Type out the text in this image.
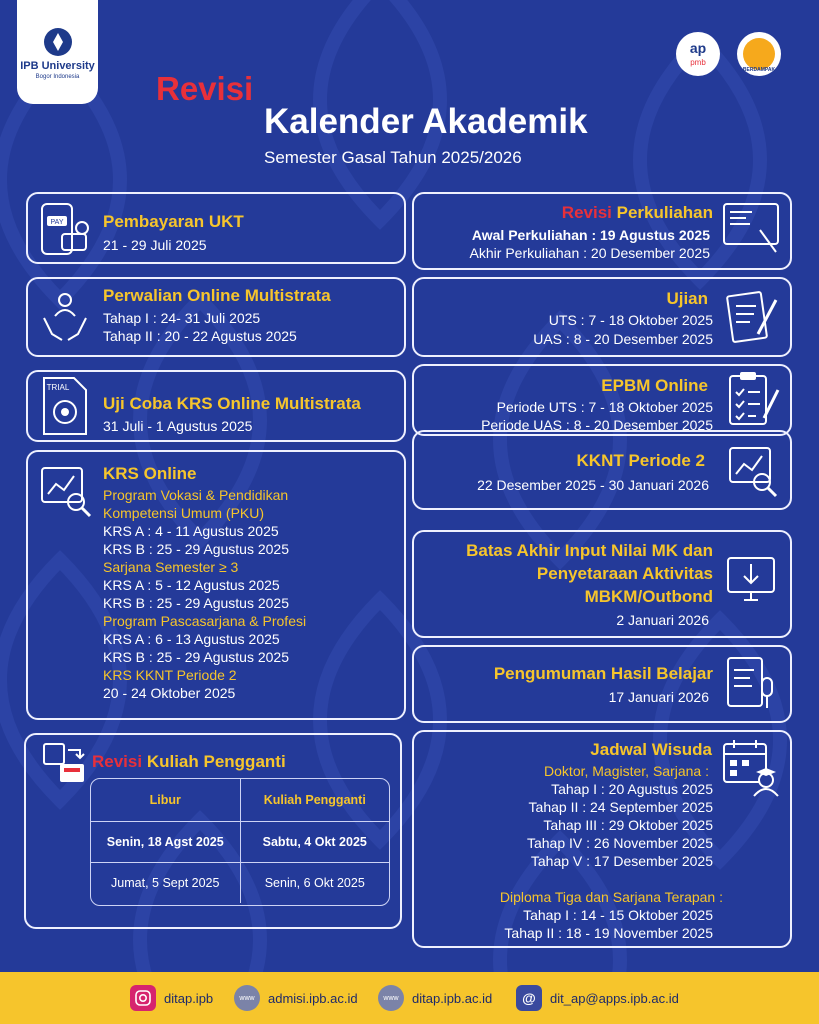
IPB University
Bogor Indonesia
ap
pmb
BERDAMPAK
Revisi
Kalender Akademik
Semester Gasal Tahun 2025/2026
PAY Pembayaran UKT
21 - 29 Juli 2025
Perwalian Online Multistrata
Tahap I : 24- 31 Juli 2025
Tahap II : 20 - 22 Agustus 2025
TRIAL
Uji Coba KRS Online Multistrata
31 Juli - 1 Agustus 2025
KRS Online
Program Vokasi & Pendidikan
Kompetensi Umum (PKU)
KRS A : 4 - 11 Agustus 2025
KRS B : 25 - 29 Agustus 2025
Sarjana Semester ≥ 3
KRS A : 5 - 12 Agustus 2025
KRS B : 25 - 29 Agustus 2025
Program Pascasarjana & Profesi
KRS A : 6 - 13 Agustus 2025
KRS B : 25 - 29 Agustus 2025
KRS KKNT Periode 2
20 - 24 Oktober 2025
Revisi Kuliah Pengganti
Libur	Kuliah Pengganti
Senin, 18 Agst 2025	Sabtu, 4 Okt 2025
Jumat, 5 Sept 2025	Senin, 6 Okt 2025
Revisi Perkuliahan
Awal Perkuliahan : 19 Agustus 2025
Akhir Perkuliahan : 20 Desember 2025
Ujian
UTS : 7 - 18 Oktober 2025
UAS : 8 - 20 Desember 2025
EPBM Online
Periode UTS : 7 - 18 Oktober 2025
Periode UAS : 8 - 20 Desember 2025
KKNT Periode 2
22 Desember 2025 - 30 Januari 2026
Batas Akhir Input Nilai MK dan
Penyetaraan Aktivitas
MBKM/Outbond
2 Januari 2026
Pengumuman Hasil Belajar
17 Januari 2026
Jadwal Wisuda
Doktor, Magister, Sarjana :
Tahap I : 20 Agustus 2025
Tahap II : 24 September 2025
Tahap III : 29 Oktober 2025
Tahap IV : 26 November 2025
Tahap V : 17 Desember 2025
Diploma Tiga dan Sarjana Terapan :
Tahap I : 14 - 15 Oktober 2025
Tahap II : 18 - 19 November 2025
ditap.ipb	www admisi.ipb.ac.id	www ditap.ipb.ac.id @ dit_ap@apps.ipb.ac.id
